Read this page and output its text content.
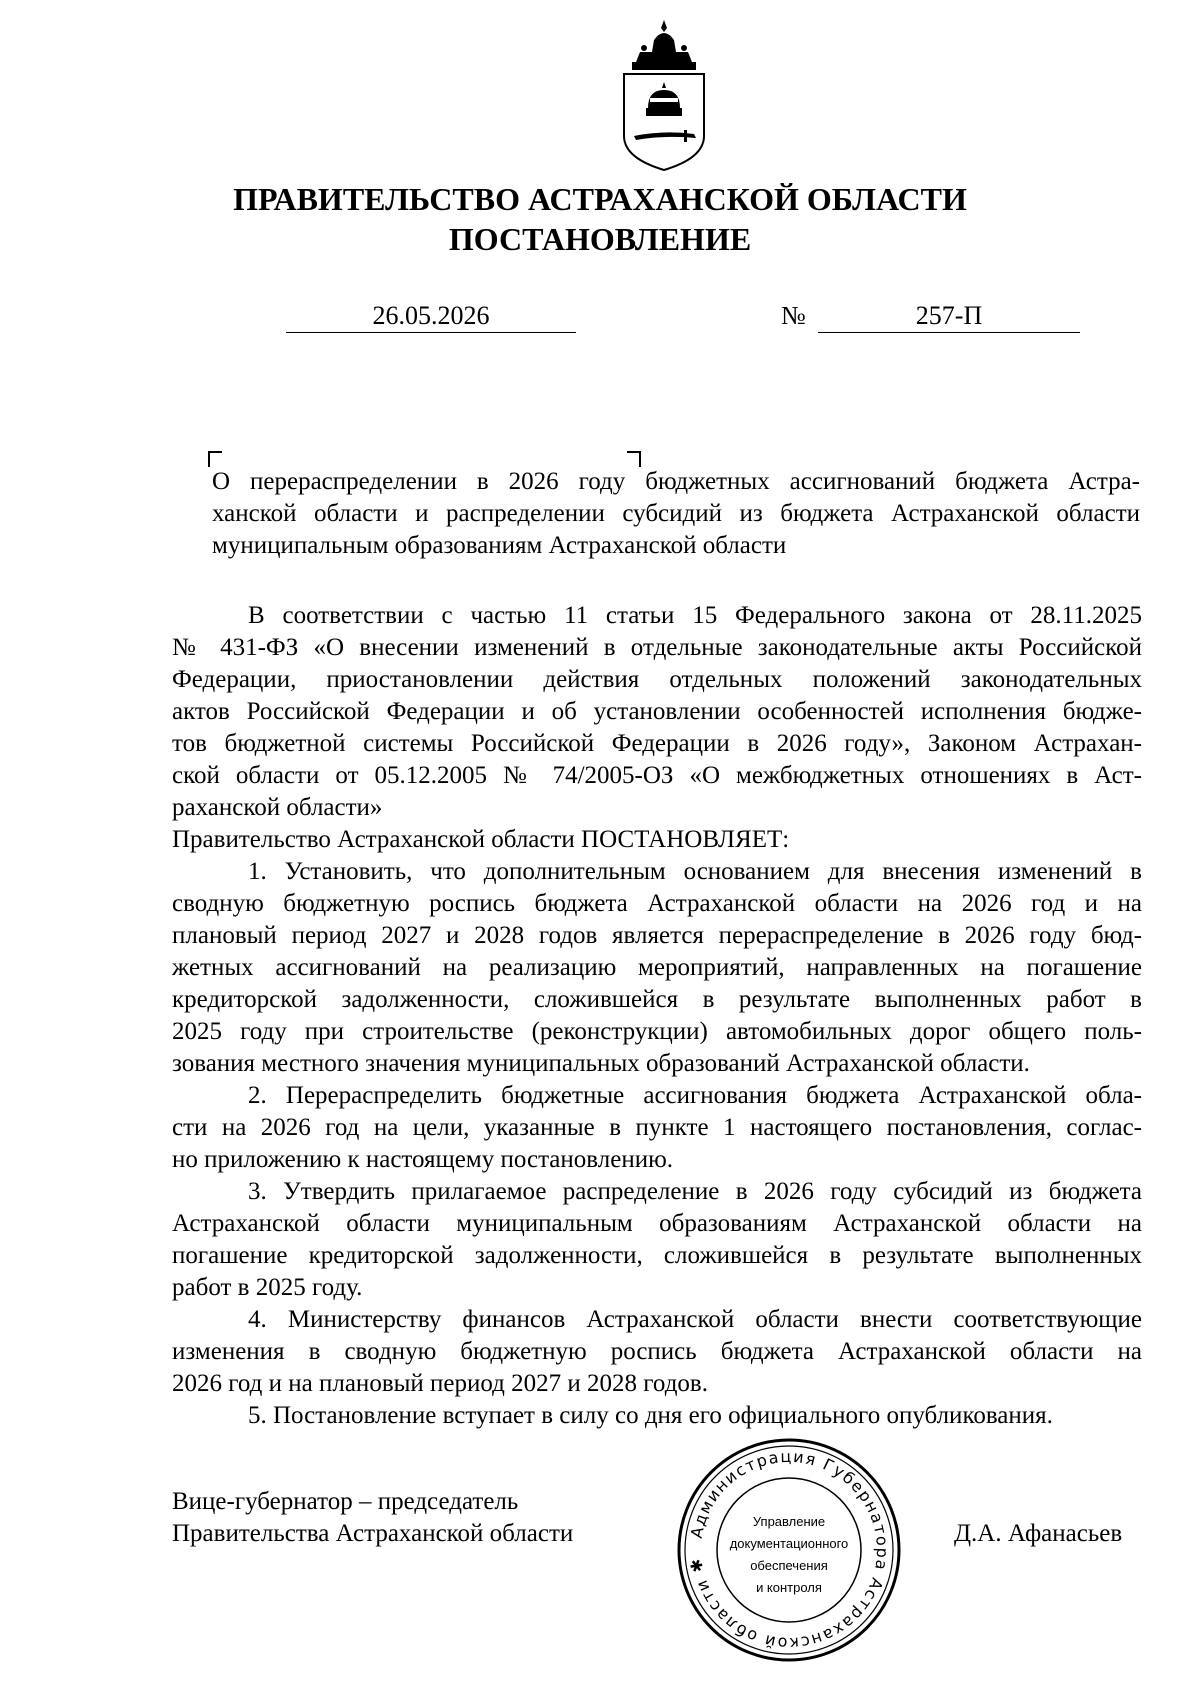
ПРАВИТЕЛЬСТВО АСТРАХАНСКОЙ ОБЛАСТИ
ПОСТАНОВЛЕНИЕ
26.05.2026	№	257-П
О перераспределении в 2026 году бюджетных ассигнований бюджета Астра-
ханской области и распределении субсидий из бюджета Астраханской области
муниципальным образованиям Астраханской области
В соответствии с частью 11 статьи 15 Федерального закона от 28.11.2025
№ 431-ФЗ «О внесении изменений в отдельные законодательные акты Российской
Федерации, приостановлении действия отдельных положений законодательных
актов Российской Федерации и об установлении особенностей исполнения бюдже-
тов бюджетной системы Российской Федерации в 2026 году», Законом Астрахан-
ской области от 05.12.2005 № 74/2005-ОЗ «О межбюджетных отношениях в Аст-
раханской области»
Правительство Астраханской области ПОСТАНОВЛЯЕТ:
1. Установить, что дополнительным основанием для внесения изменений в
сводную бюджетную роспись бюджета Астраханской области на 2026 год и на
плановый период 2027 и 2028 годов является перераспределение в 2026 году бюд-
жетных ассигнований на реализацию мероприятий, направленных на погашение
кредиторской задолженности, сложившейся в результате выполненных работ в
2025 году при строительстве (реконструкции) автомобильных дорог общего поль-
зования местного значения муниципальных образований Астраханской области.
2. Перераспределить бюджетные ассигнования бюджета Астраханской обла-
сти на 2026 год на цели, указанные в пункте 1 настоящего постановления, соглас-
но приложению к настоящему постановлению.
3. Утвердить прилагаемое распределение в 2026 году субсидий из бюджета
Астраханской области муниципальным образованиям Астраханской области на
погашение кредиторской задолженности, сложившейся в результате выполненных
работ в 2025 году.
4. Министерству финансов Астраханской области внести соответствующие
изменения в сводную бюджетную роспись бюджета Астраханской области на
2026 год и на плановый период 2027 и 2028 годов.
5. Постановление вступает в силу со дня его официального опубликования.
Вице-губернатор – председатель
Правительства Астраханской области	Д.А. Афанасьев
Администрация Губернатора Астраханской области ✱
Управление
документационного
обеспечения
и контроля
